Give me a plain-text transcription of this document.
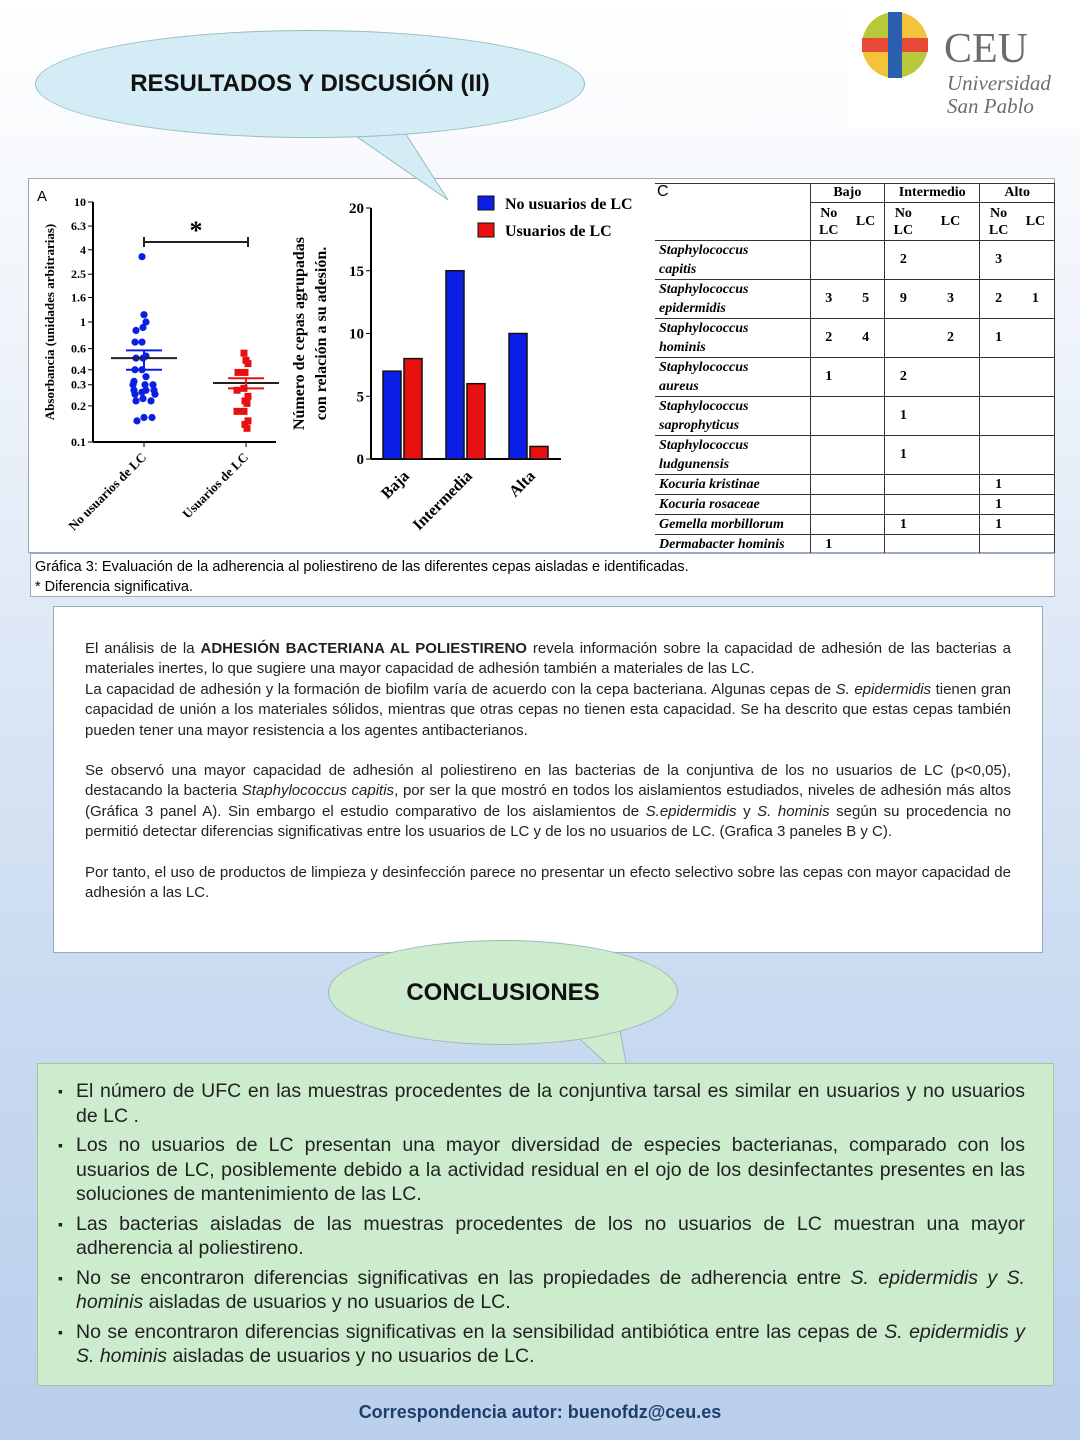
A 10
6.3
4
2.5
1.6
1
0.6
0.4
0.3
0.2
0.1
Absorbancia (unidades arbitrarias)
No usuarios de LC Usuarios de LC
*
0
5
10
15
20
Número de cepas agrupadas con relación a su adesión.
Baja
Intermedia Alta
No usuarios de LC
Usuarios de LC
C
		Bajo		Intermedio		Alto	
	No LC	LC	No LC	LC	No LC	LC
Staphylococcus
capitis			2		3	
Staphylococcus
epidermidis	3	5	9	3	2	1
Staphylococcus
hominis	2	4		2	1	
Staphylococcus
aureus	1		2			
Staphylococcus
saprophyticus			1			
Staphylococcus
ludgunensis			1			
Kocuria kristinae					1	
Kocuria rosaceae					1	
Gemella morbillorum			1		1	
Dermabacter hominis	1					
Gráfica 3: Evaluación de la adherencia al poliestireno de las diferentes cepas aisladas e identificadas.
* Diferencia significativa.
RESULTADOS Y DISCUSIÓN (II)
CEU
Universidad
San Pablo

El análisis de la ADHESIÓN BACTERIANA AL POLIESTIRENO revela información sobre la capacidad de adhesión de las bacterias a materiales inertes, lo que sugiere una mayor capacidad de adhesión también a materiales de las LC.
La capacidad de adhesión y la formación de biofilm varía de acuerdo con la cepa bacteriana. Algunas cepas de S. epidermidis tienen gran capacidad de unión a los materiales sólidos, mientras que otras cepas no tienen esta capacidad. Se ha descrito que estas cepas también pueden tener una mayor resistencia a los agentes antibacterianos.

Se observó una mayor capacidad de adhesión al poliestireno en las bacterias de la conjuntiva de los no usuarios de LC (p<0,05), destacando la bacteria Staphylococcus capitis, por ser la que mostró en todos los aislamientos estudiados, niveles de adhesión más altos (Gráfica 3 panel A). Sin embargo el estudio comparativo de los aislamientos de S.epidermidis y S. hominis según su procedencia no permitió detectar diferencias significativas entre los usuarios de LC y de los no usuarios de LC. (Grafica 3 paneles B y C).

Por tanto, el uso de productos de limpieza y desinfección parece no presentar un efecto selectivo sobre las cepas con mayor capacidad de adhesión a las LC.

▪ El número de UFC en las muestras procedentes de la conjuntiva tarsal es similar en usuarios y no usuarios de LC .
▪ Los no usuarios de LC presentan una mayor diversidad de especies bacterianas, comparado con los usuarios de LC, posiblemente debido a la actividad residual en el ojo de los desinfectantes presentes en las soluciones de mantenimiento de las LC.
▪ Las bacterias aisladas de las muestras procedentes de los no usuarios de LC muestran una mayor adherencia al poliestireno.
▪ No se encontraron diferencias significativas en las propiedades de adherencia entre S. epidermidis y S. hominis aisladas de usuarios y no usuarios de LC.
▪ No se encontraron diferencias significativas en la sensibilidad antibiótica entre las cepas de S. epidermidis y S. hominis aisladas de usuarios y no usuarios de LC.
CONCLUSIONES
Correspondencia autor: buenofdz@ceu.es
